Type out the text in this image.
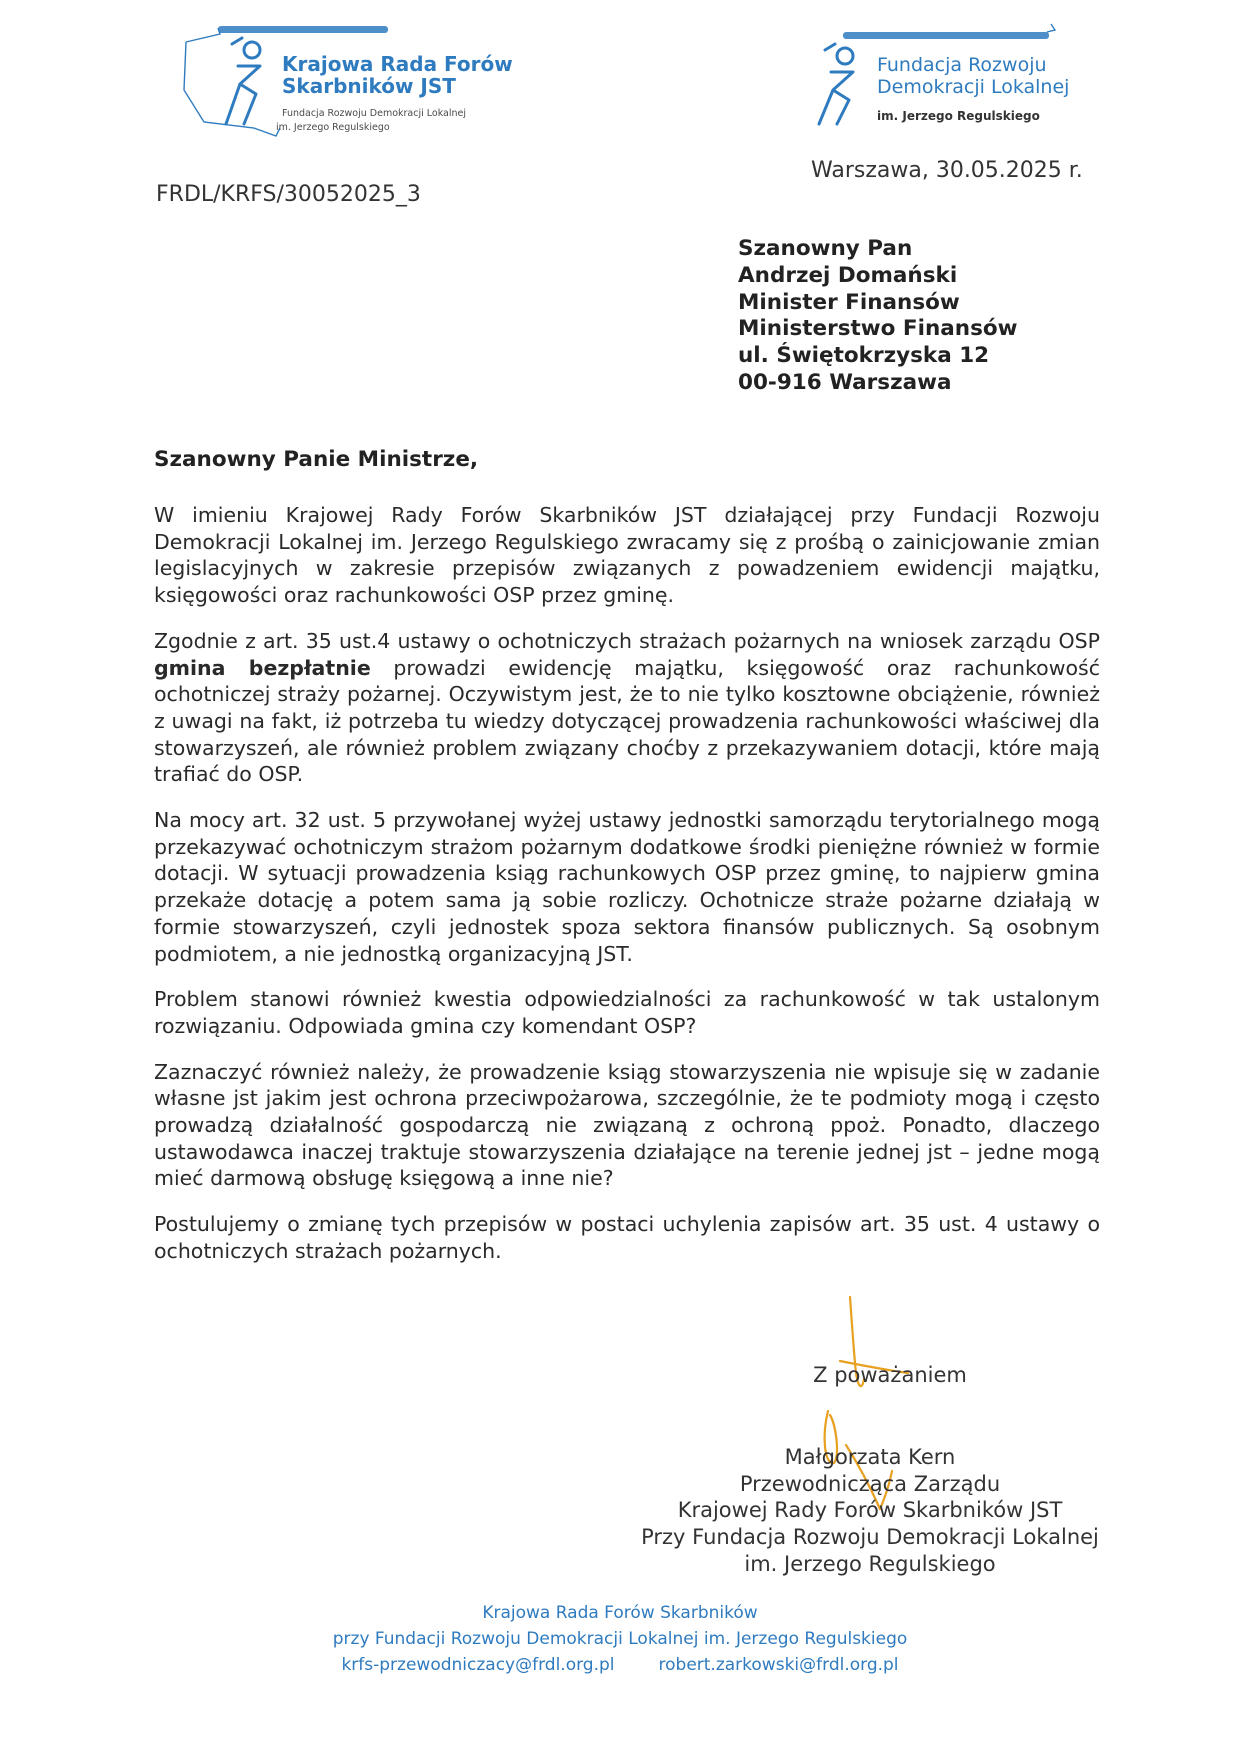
Krajowa Rada Forów
Skarbników JST
Fundacja Rozwoju Demokracji Lokalnej
im. Jerzego Regulskiego
Fundacja Rozwoju
Demokracji Lokalnej
im. Jerzego Regulskiego
FRDL/KRFS/30052025_3
Warszawa, 30.05.2025 r.
Szanowny Pan
Andrzej Domański
Minister Finansów
Ministerstwo Finansów
ul. Świętokrzyska 12
00-916 Warszawa
Szanowny Panie Ministrze,

W imieniu Krajowej Rady Forów Skarbników JST działającej przy Fundacji Rozwoju Demokracji Lokalnej im. Jerzego Regulskiego zwracamy się z prośbą o zainicjowanie zmian legislacyjnych w zakresie przepisów związanych z powadzeniem ewidencji majątku, księgowości oraz rachunkowości OSP przez gminę.

Zgodnie z art. 35 ust.4 ustawy o ochotniczych strażach pożarnych na wniosek zarządu OSP gmina bezpłatnie prowadzi ewidencję majątku, księgowość oraz rachunkowość ochotniczej straży pożarnej. Oczywistym jest, że to nie tylko kosztowne obciążenie, również z uwagi na fakt, iż potrzeba tu wiedzy dotyczącej prowadzenia rachunkowości właściwej dla stowarzyszeń, ale również problem związany choćby z przekazywaniem dotacji, które mają trafiać do OSP.

Na mocy art. 32 ust. 5 przywołanej wyżej ustawy jednostki samorządu terytorialnego mogą przekazywać ochotniczym strażom pożarnym dodatkowe środki pieniężne również w formie dotacji. W sytuacji prowadzenia ksiąg rachunkowych OSP przez gminę, to najpierw gmina przekaże dotację a potem sama ją sobie rozliczy. Ochotnicze straże pożarne działają w formie stowarzyszeń, czyli jednostek spoza sektora finansów publicznych. Są osobnym podmiotem, a nie jednostką organizacyjną JST.

Problem stanowi również kwestia odpowiedzialności za rachunkowość w tak ustalonym rozwiązaniu. Odpowiada gmina czy komendant OSP?

Zaznaczyć również należy, że prowadzenie ksiąg stowarzyszenia nie wpisuje się w zadanie własne jst jakim jest ochrona przeciwpożarowa, szczególnie, że te podmioty mogą i często prowadzą działalność gospodarczą nie związaną z ochroną ppoż. Ponadto, dlaczego ustawodawca inaczej traktuje stowarzyszenia działające na terenie jednej jst – jedne mogą mieć darmową obsługę księgową a inne nie?

Postulujemy o zmianę tych przepisów w postaci uchylenia zapisów art. 35 ust. 4 ustawy o ochotniczych strażach pożarnych.

Z poważaniem
Małgorzata Kern
Przewodnicząca Zarządu
Krajowej Rady Forów Skarbników JST
Przy Fundacja Rozwoju Demokracji Lokalnej
im. Jerzego Regulskiego
Krajowa Rada Forów Skarbników
przy Fundacji Rozwoju Demokracji Lokalnej im. Jerzego Regulskiego
krfs-przewodniczacy@frdl.org.pl	robert.zarkowski@frdl.org.pl
